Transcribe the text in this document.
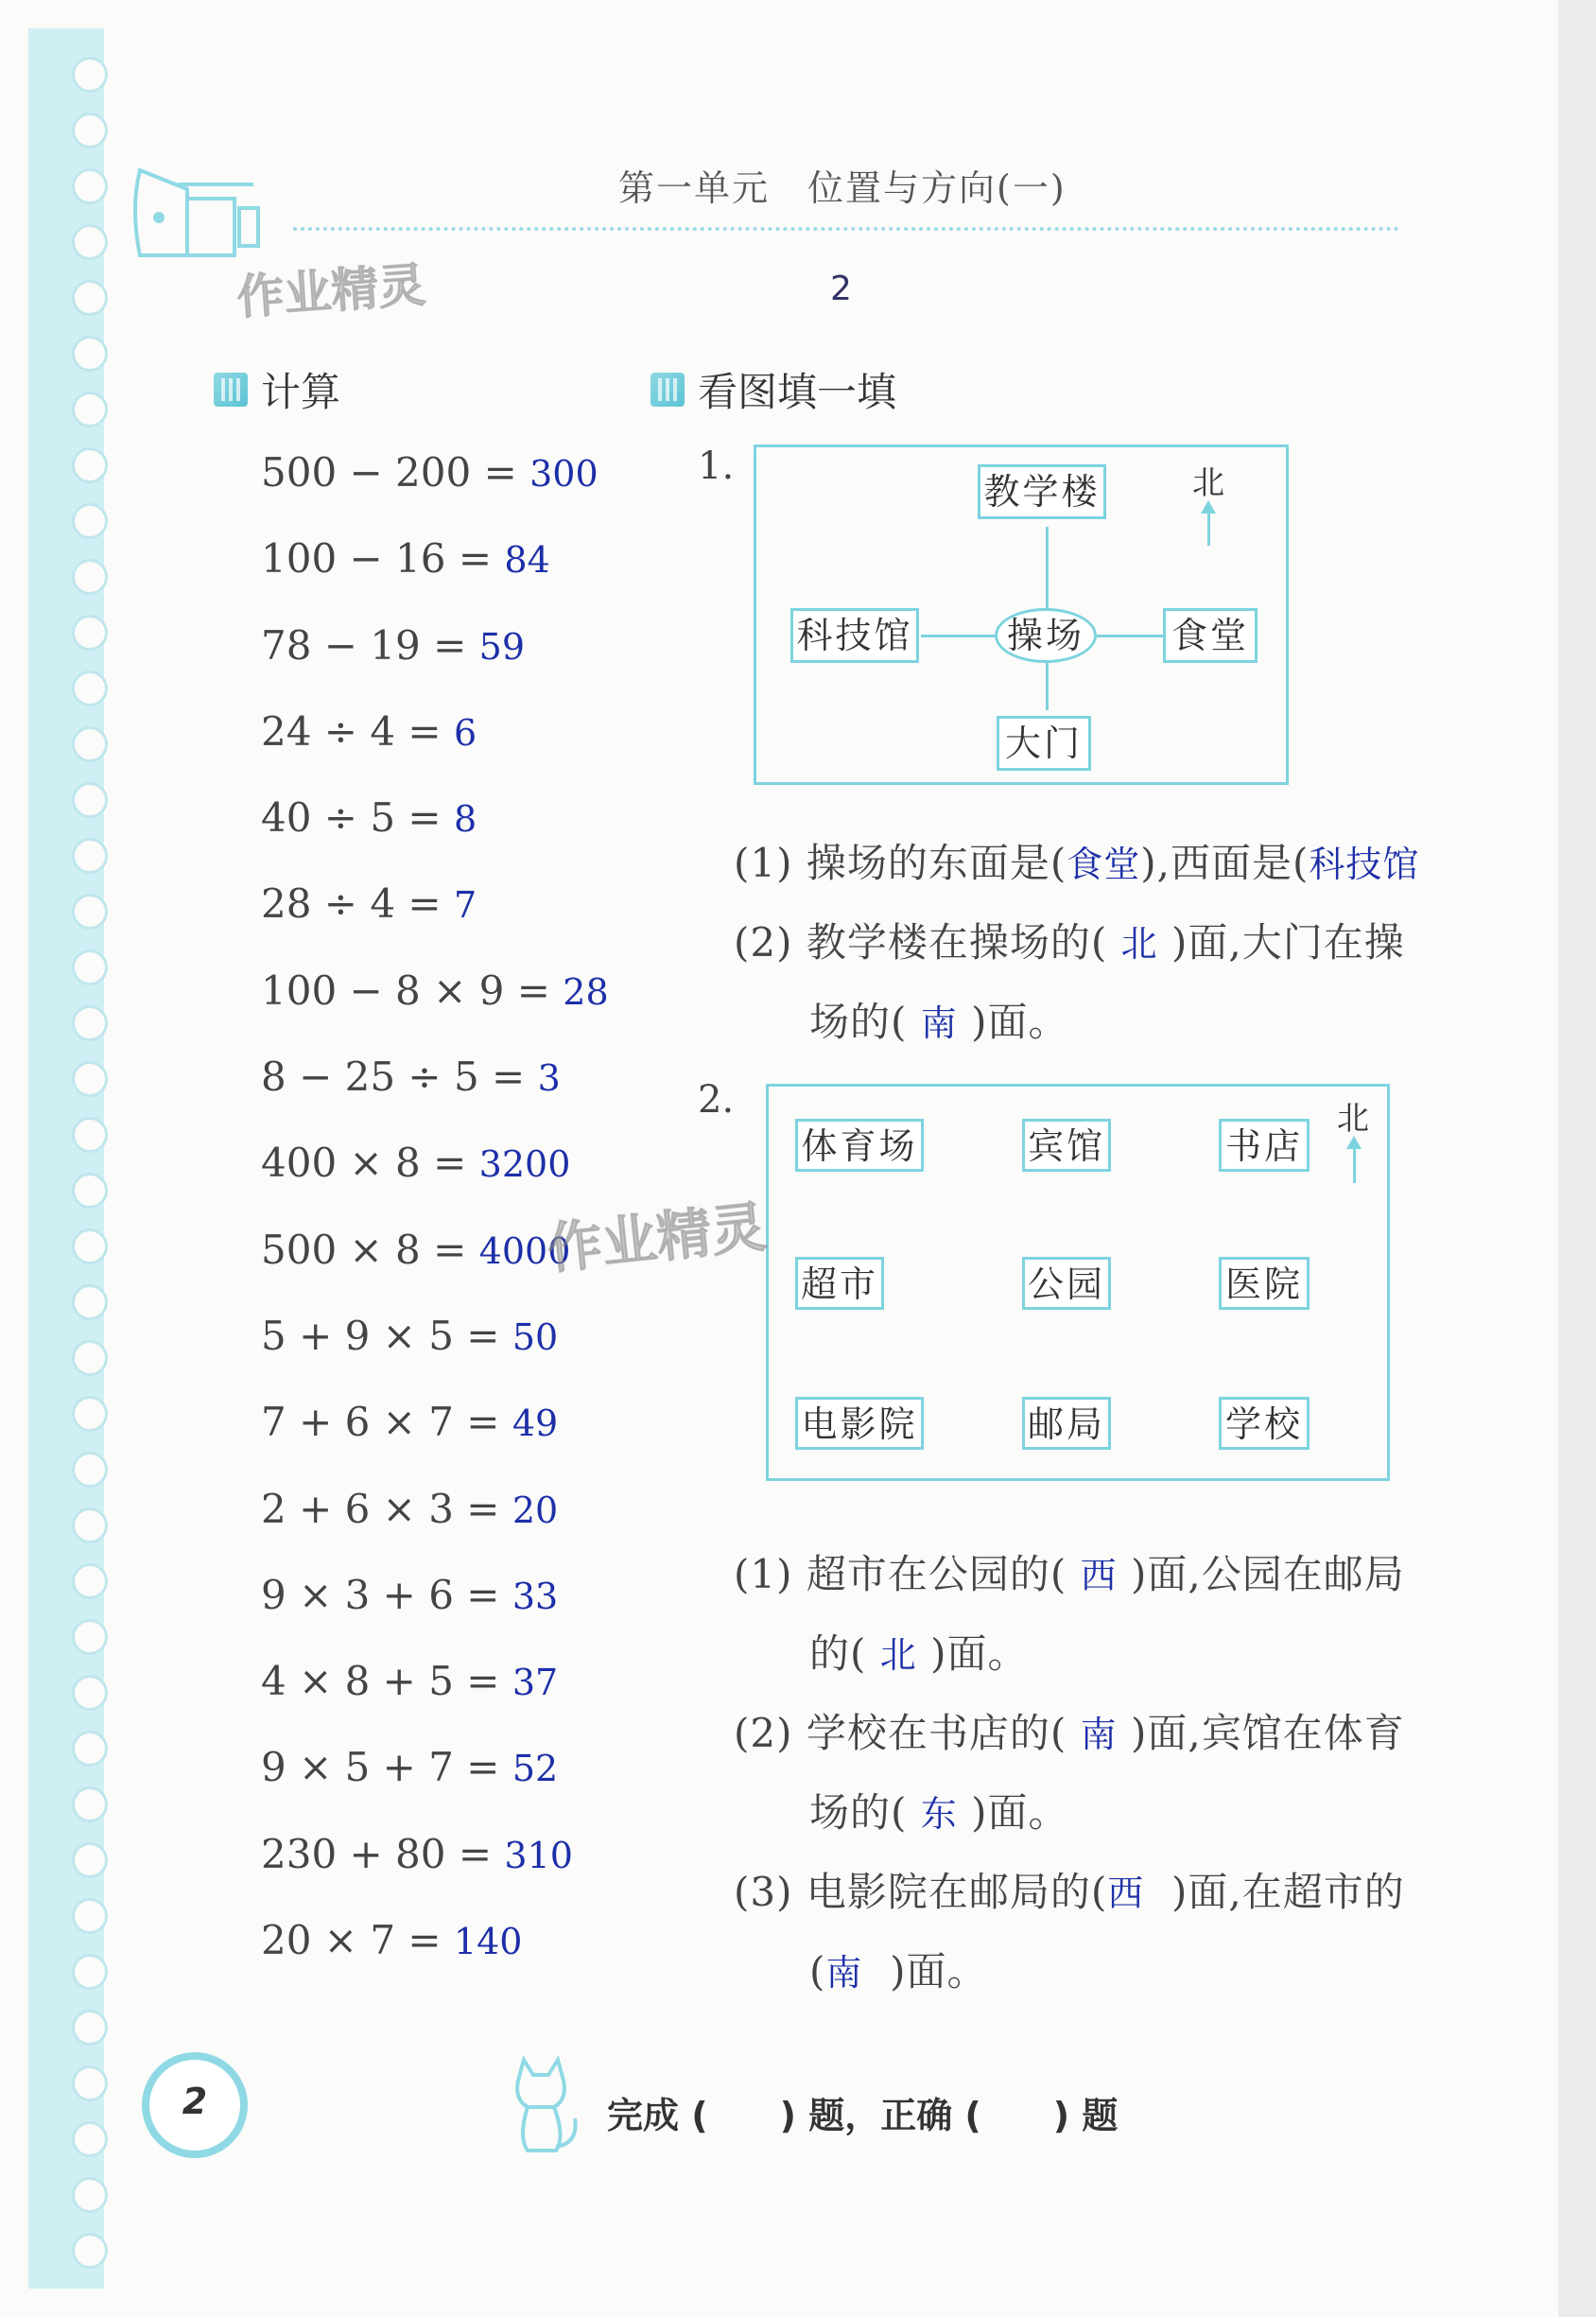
作业精灵
第一单元　位置与方向(一)
2
计算
500 − 200 = 300
100 − 16 = 84
78 − 19 = 59
24 ÷ 4 = 6
40 ÷ 5 = 8
28 ÷ 4 = 7
100 − 8 × 9 = 28
8 − 25 ÷ 5 = 3
400 × 8 = 3200
500 × 8 = 4000
5 + 9 × 5 = 50
7 + 6 × 7 = 49
2 + 6 × 3 = 20
9 × 3 + 6 = 33
4 × 8 + 5 = 37
9 × 5 + 7 = 52
230 + 80 = 310
20 × 7 = 140
看图填一填
1.
教学楼
科技馆	操场	食堂
大门
北
(1) 操场的东面是(食堂),西面是(科技馆
(2) 教学楼在操场的( 北 )面,大门在操
场的( 南 )面。
2.	北
体育场	宾馆	书店
超市	公园	医院
电影院	邮局	学校
作业精灵
(1) 超市在公园的( 西 )面,公园在邮局
的( 北 )面。
(2) 学校在书店的( 南 )面,宾馆在体育
场的( 东 )面。
(3) 电影院在邮局的(西 )面,在超市的
(南 )面。
2	完成 (　　) 题，正确 (　　) 题
